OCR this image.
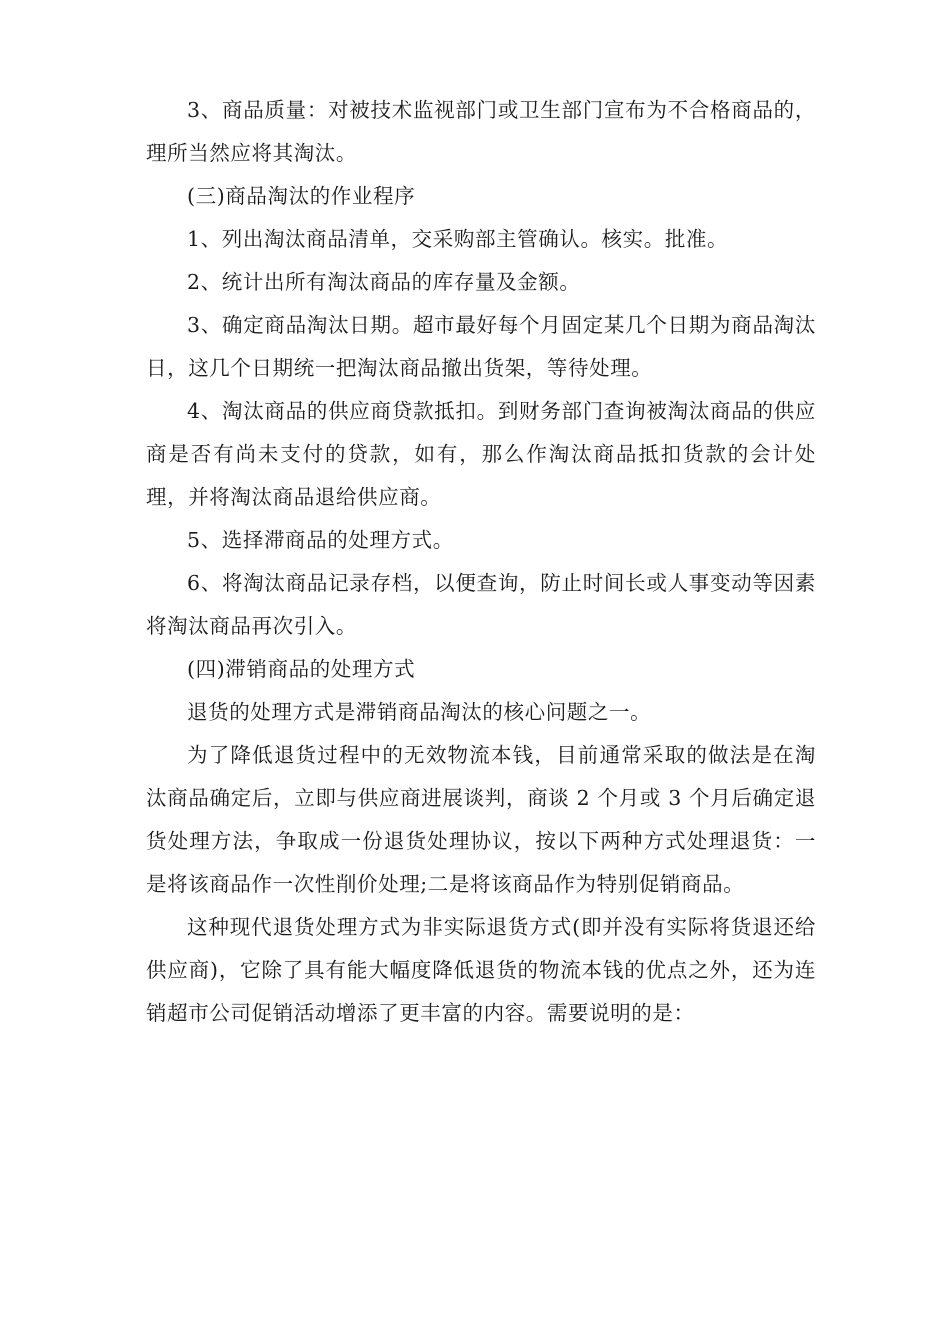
3、商品质量：对被技术监视部门或卫生部门宣布为不合格商品的，理所当然应将其淘汰。

(三)商品淘汰的作业程序

1、列出淘汰商品清单，交采购部主管确认。核实。批准。

2、统计出所有淘汰商品的库存量及金额。

3、确定商品淘汰日期。超市最好每个月固定某几个日期为商品淘汰日，这几个日期统一把淘汰商品撤出货架，等待处理。

4、淘汰商品的供应商贷款抵扣。到财务部门查询被淘汰商品的供应商是否有尚未支付的贷款，如有，那么作淘汰商品抵扣货款的会计处理，并将淘汰商品退给供应商。

5、选择滞商品的处理方式。

6、将淘汰商品记录存档，以便查询，防止时间长或人事变动等因素将淘汰商品再次引入。

(四)滞销商品的处理方式

退货的处理方式是滞销商品淘汰的核心问题之一。

为了降低退货过程中的无效物流本钱，目前通常采取的做法是在淘汰商品确定后，立即与供应商进展谈判，商谈 2 个月或 3 个月后确定退货处理方法，争取成一份退货处理协议，按以下两种方式处理退货：一是将该商品作一次性削价处理;二是将该商品作为特别促销商品。

这种现代退货处理方式为非实际退货方式(即并没有实际将货退还给供应商)，它除了具有能大幅度降低退货的物流本钱的优点之外，还为连销超市公司促销活动增添了更丰富的内容。需要说明的是：
